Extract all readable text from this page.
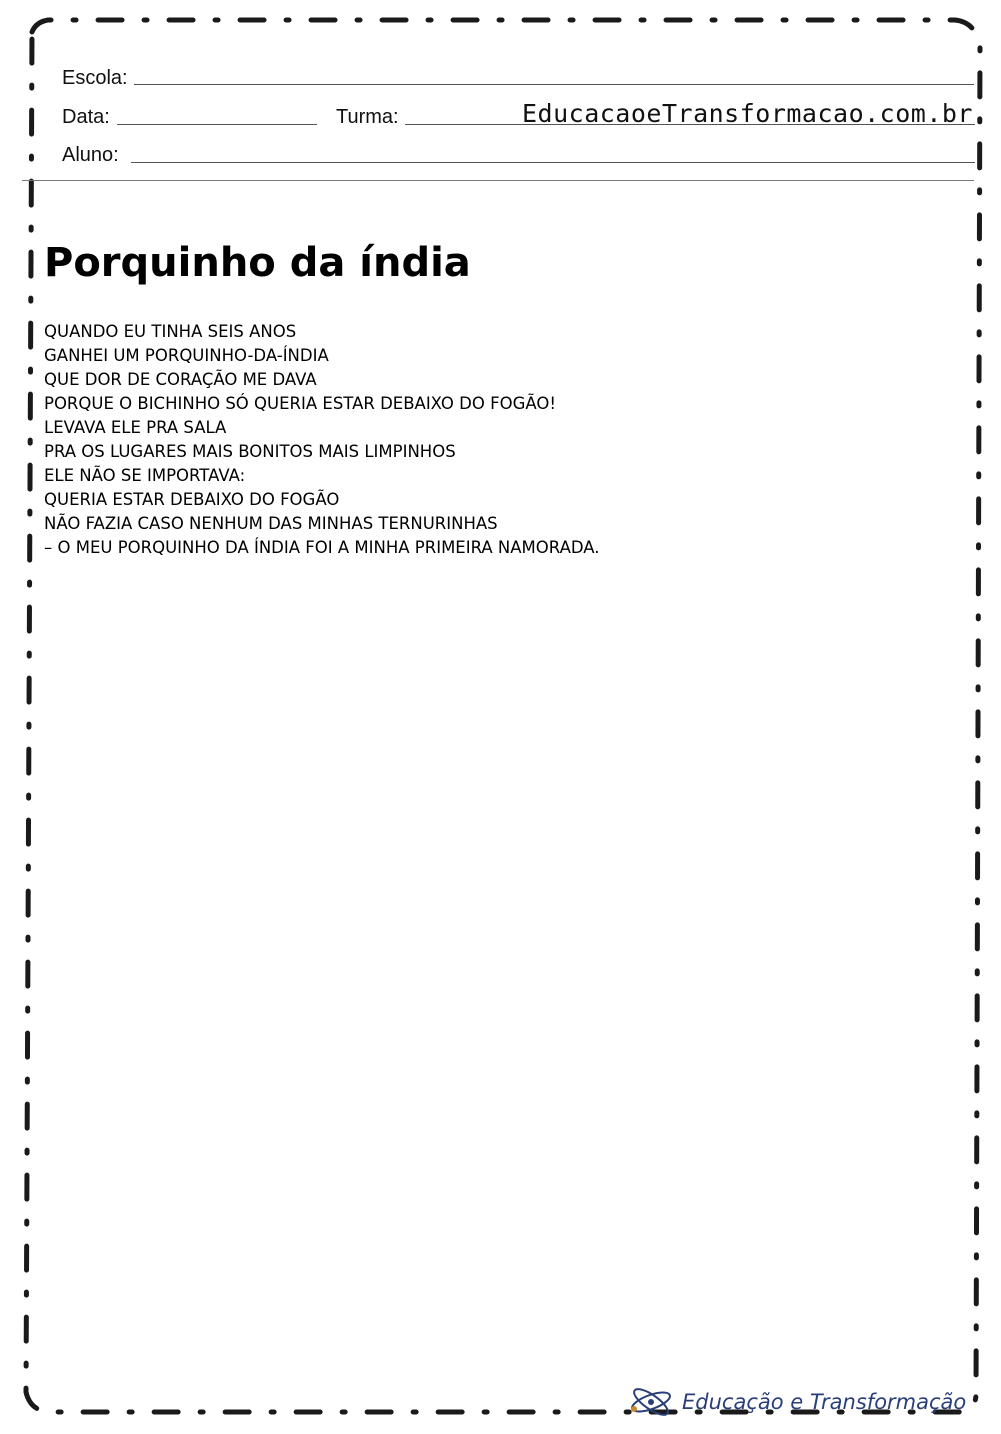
Escola:
Data:	Turma:	EducacaoeTransformacao.com.br
Aluno:
Porquinho da índia
QUANDO EU TINHA SEIS ANOS
GANHEI UM PORQUINHO-DA-ÍNDIA
QUE DOR DE CORAÇÃO ME DAVA
PORQUE O BICHINHO SÓ QUERIA ESTAR DEBAIXO DO FOGÃO!
LEVAVA ELE PRA SALA
PRA OS LUGARES MAIS BONITOS MAIS LIMPINHOS
ELE NÃO SE IMPORTAVA:
QUERIA ESTAR DEBAIXO DO FOGÃO
NÃO FAZIA CASO NENHUM DAS MINHAS TERNURINHAS
– O MEU PORQUINHO DA ÍNDIA FOI A MINHA PRIMEIRA NAMORADA.
Educação e Transformação
